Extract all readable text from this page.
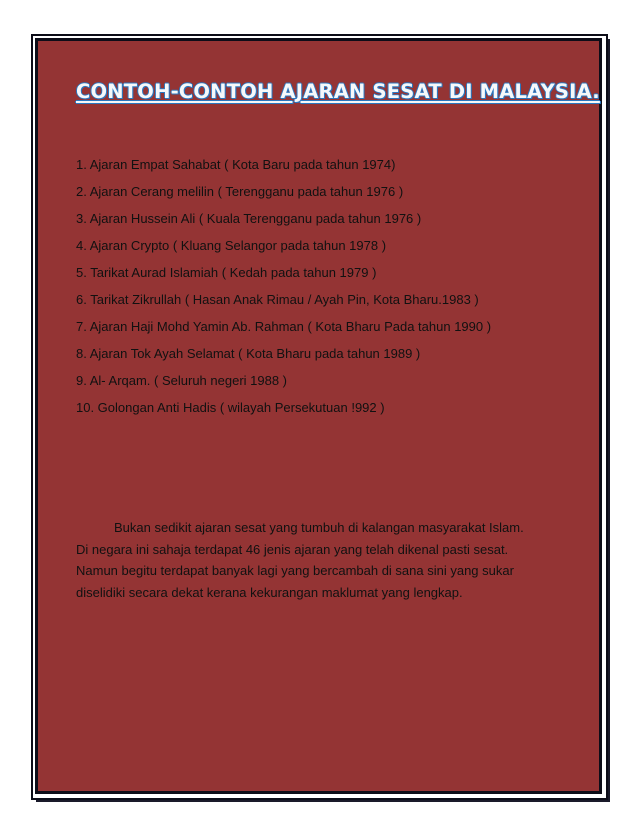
CONTOH-CONTOH AJARAN SESAT DI MALAYSIA.
1. Ajaran Empat Sahabat ( Kota Baru pada tahun 1974)
2. Ajaran Cerang melilin ( Terengganu pada tahun 1976 )
3. Ajaran Hussein Ali ( Kuala Terengganu pada tahun 1976 )
4. Ajaran Crypto ( Kluang Selangor pada tahun 1978 )
5. Tarikat Aurad Islamiah ( Kedah pada tahun 1979 )
6. Tarikat Zikrullah ( Hasan Anak Rimau / Ayah Pin, Kota Bharu.1983 )
7. Ajaran Haji Mohd Yamin Ab. Rahman ( Kota Bharu Pada tahun 1990 )
8. Ajaran Tok Ayah Selamat ( Kota Bharu pada tahun 1989 )
9. Al- Arqam. ( Seluruh negeri 1988 )
10. Golongan Anti Hadis ( wilayah Persekutuan !992 )

Bukan sedikit ajaran sesat yang tumbuh di kalangan masyarakat Islam.
Di negara ini sahaja terdapat 46 jenis ajaran yang telah dikenal pasti sesat.
Namun begitu terdapat banyak lagi yang bercambah di sana sini yang sukar
diselidiki secara dekat kerana kekurangan maklumat yang lengkap.
